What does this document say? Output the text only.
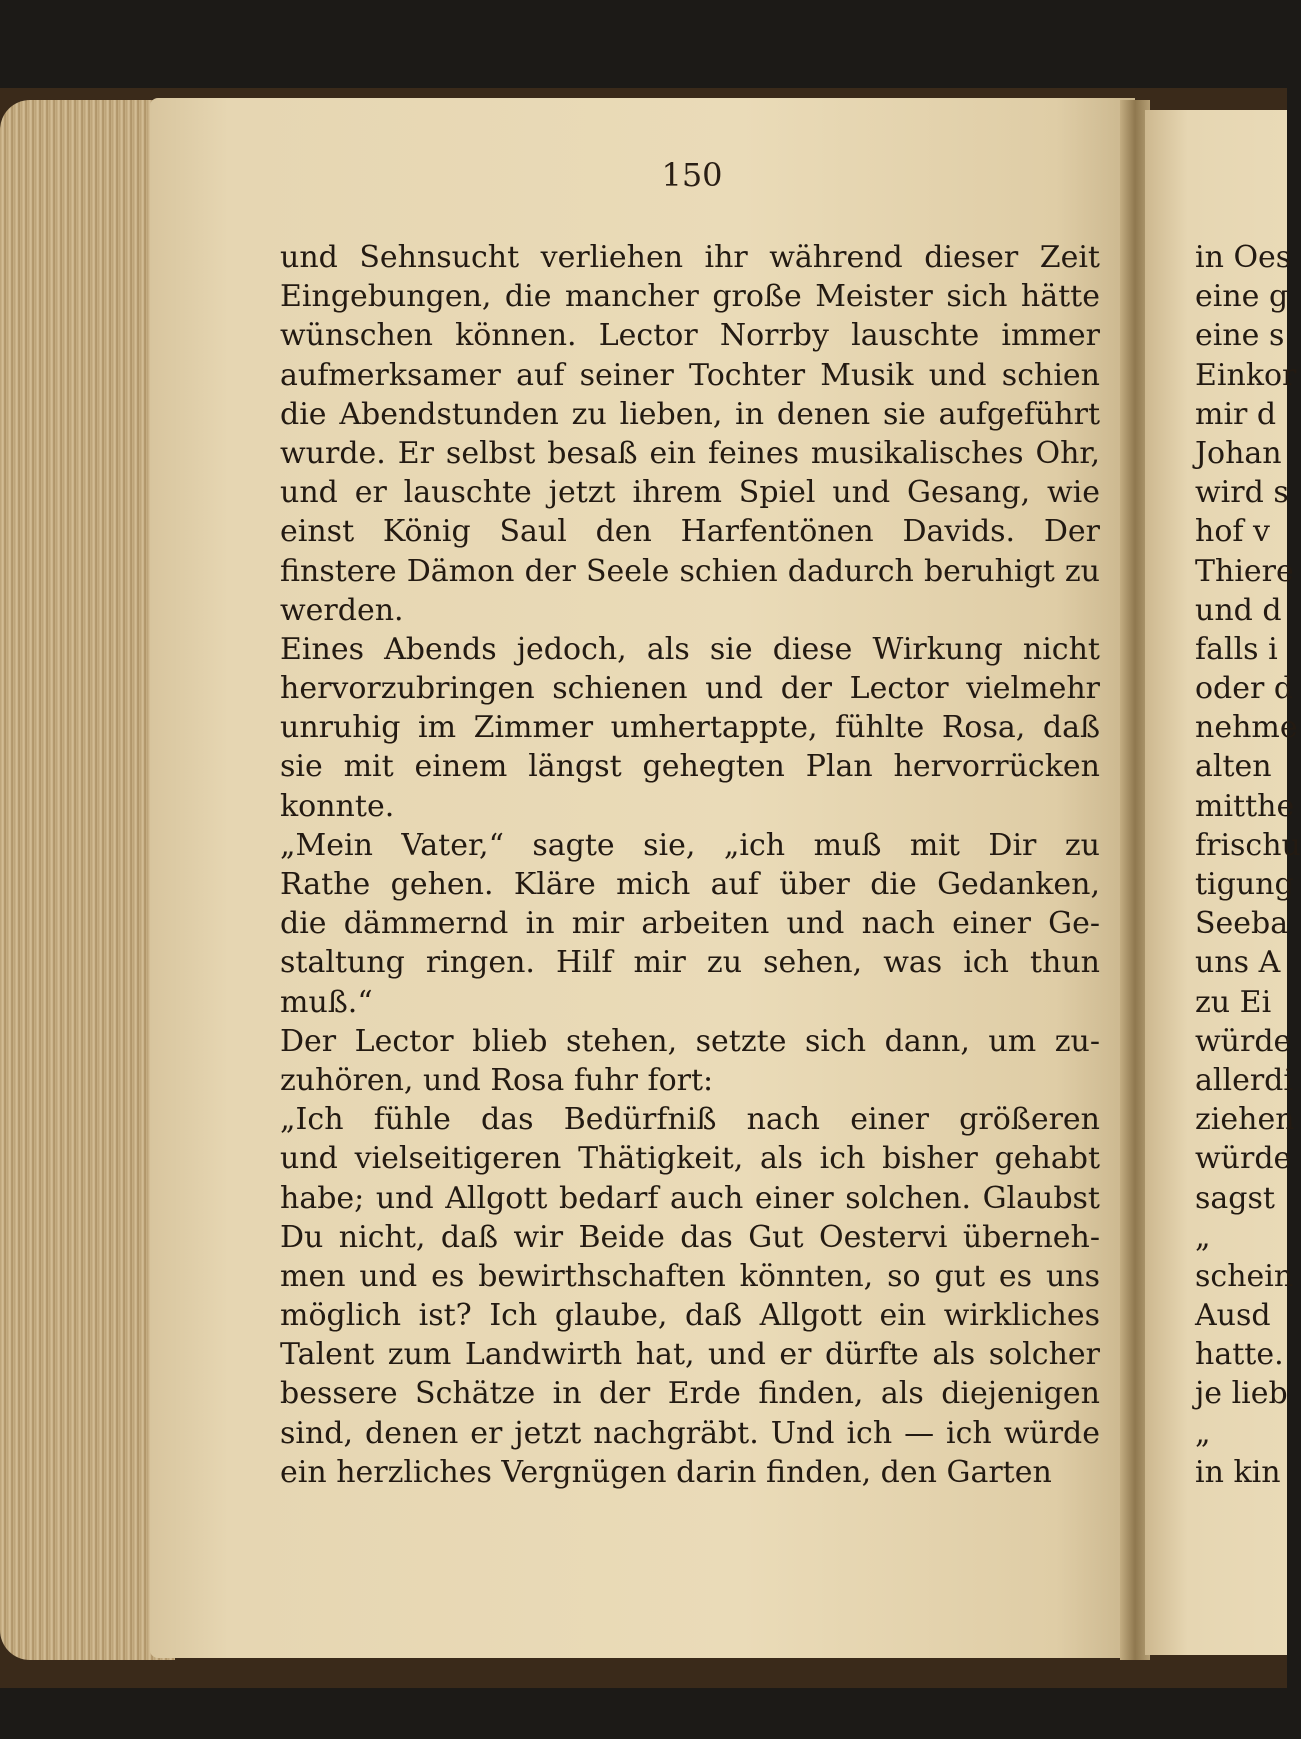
150
und Sehnsucht verliehen ihr während dieser Zeit
Eingebungen, die mancher große Meister sich hätte
wünschen können. Lector Norrby lauschte immer
aufmerksamer auf seiner Tochter Musik und schien
die Abendstunden zu lieben, in denen sie aufgeführt
wurde. Er selbst besaß ein feines musikalisches Ohr,
und er lauschte jetzt ihrem Spiel und Gesang, wie
einst König Saul den Harfentönen Davids. Der
finstere Dämon der Seele schien dadurch beruhigt zu
werden.
Eines Abends jedoch, als sie diese Wirkung nicht
hervorzubringen schienen und der Lector vielmehr
unruhig im Zimmer umhertappte, fühlte Rosa, daß
sie mit einem längst gehegten Plan hervorrücken
konnte.
„Mein Vater,“ sagte sie, „ich muß mit Dir zu
Rathe gehen. Kläre mich auf über die Gedanken,
die dämmernd in mir arbeiten und nach einer Ge-
staltung ringen. Hilf mir zu sehen, was ich thun
muß.“
Der Lector blieb stehen, setzte sich dann, um zu-
zuhören, und Rosa fuhr fort:
„Ich fühle das Bedürfniß nach einer größeren
und vielseitigeren Thätigkeit, als ich bisher gehabt
habe; und Allgott bedarf auch einer solchen. Glaubst
Du nicht, daß wir Beide das Gut Oestervi überneh-
men und es bewirthschaften könnten, so gut es uns
möglich ist? Ich glaube, daß Allgott ein wirkliches
Talent zum Landwirth hat, und er dürfte als solcher
bessere Schätze in der Erde finden, als diejenigen
sind, denen er jetzt nachgräbt. Und ich — ich würde
ein herzliches Vergnügen darin finden, den Garten
in Oes
eine g
eine s
Einkor
mir d
Johan
wird s
hof v
Thiere
und d
falls i
oder d
nehme
alten
mitthe
frischu
tigung
Seeba
uns A
zu Ei
würde
allerdi
ziehen
würde
sagst
„
schein
Ausd
hatte.
je lieb
„
in kin
